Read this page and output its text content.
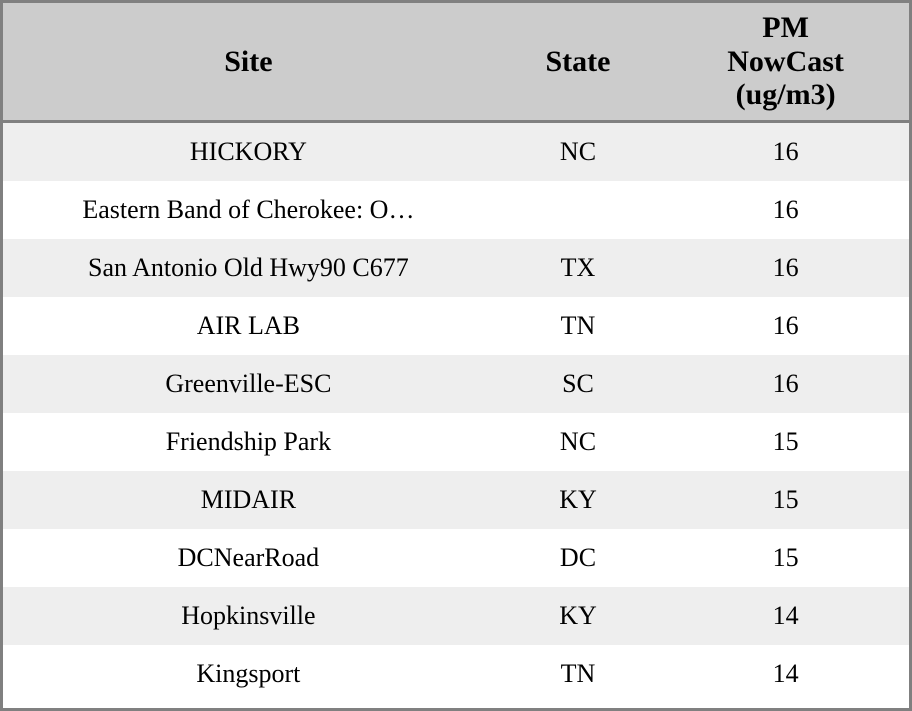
Site	State	PM
NowCast
(ug/m3)

HICKORY	NC	16
Eastern Band of Cherokee: O…		16
San Antonio Old Hwy90 C677	TX	16
AIR LAB	TN	16
Greenville-ESC	SC	16
Friendship Park	NC	15
MIDAIR	KY	15
DCNearRoad	DC	15
Hopkinsville	KY	14
Kingsport	TN	14
